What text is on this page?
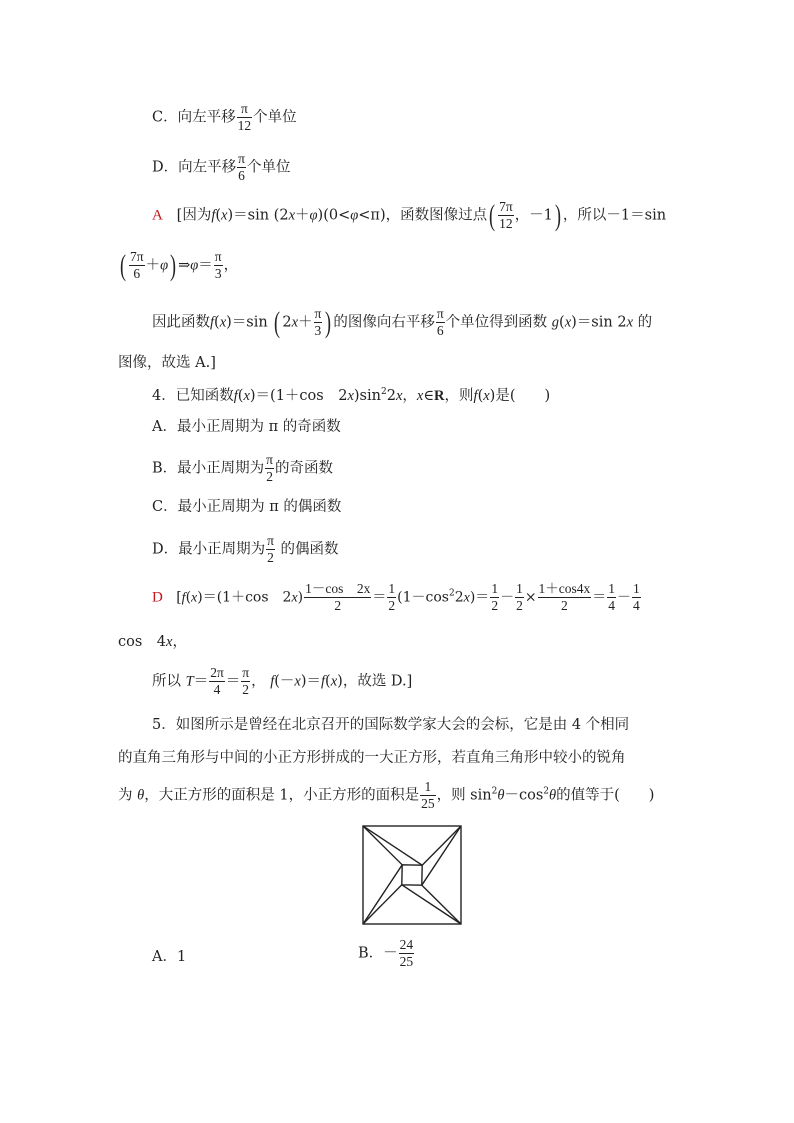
C．向左平移 $\frac{\pi}{12}$ 个单位
D．向左平移 $\frac{\pi}{6}$ 个单位
A [因为f(x)＝sin (2x＋φ)(0<φ<π)，函数图像过点( $\frac{7\pi}{12}$ ，－1) ，所以－1＝sin
( $\frac{7\pi}{6} +\varphi$) ⇒φ＝ $\frac{\pi}{3}$ ，
因此函数f(x)＝sin ( $2x+ \frac{\pi}{3}$ ) 的图像向右平移 $\frac{\pi}{6}$ 个单位得到函数 g(x)＝sin 2x 的
图像，故选 A.]
4．已知函数f(x)＝(1＋cos　$2x)\sin^22x$，x∈R，则f(x)是(　　)
A．最小正周期为 π 的奇函数
B．最小正周期为 $\frac{\pi}{2}$ 的奇函数
C．最小正周期为 π 的偶函数
D．最小正周期为 $\frac{\pi}{2}$ 的偶函数
D [f(x)＝(1＋cos　$2x) \frac{1-\cos 2x}{2} = \frac{1}{2} (1-\cos^22x)= \frac{1}{2} - \frac{1}{2} \times \frac{1+\cos 4x}{2} = \frac{1}{4} - \frac{1}{4}$
cos　4x，
所以 $T= \frac{2\pi}{4} = \frac{\pi}{2}$ ， f(－x)＝f(x)，故选 D.]
5．如图所示是曾经在北京召开的国际数学家大会的会标，它是由 4 个相同
的直角三角形与中间的小正方形拼成的一大正方形，若直角三角形中较小的锐角
为 θ，大正方形的面积是 1，小正方形的面积是 $\frac{1}{25}$ ，则 $\sin^2\theta-\cos^2\theta$的值等于(　　)
A．1	B．－ $\frac{24}{25}$
